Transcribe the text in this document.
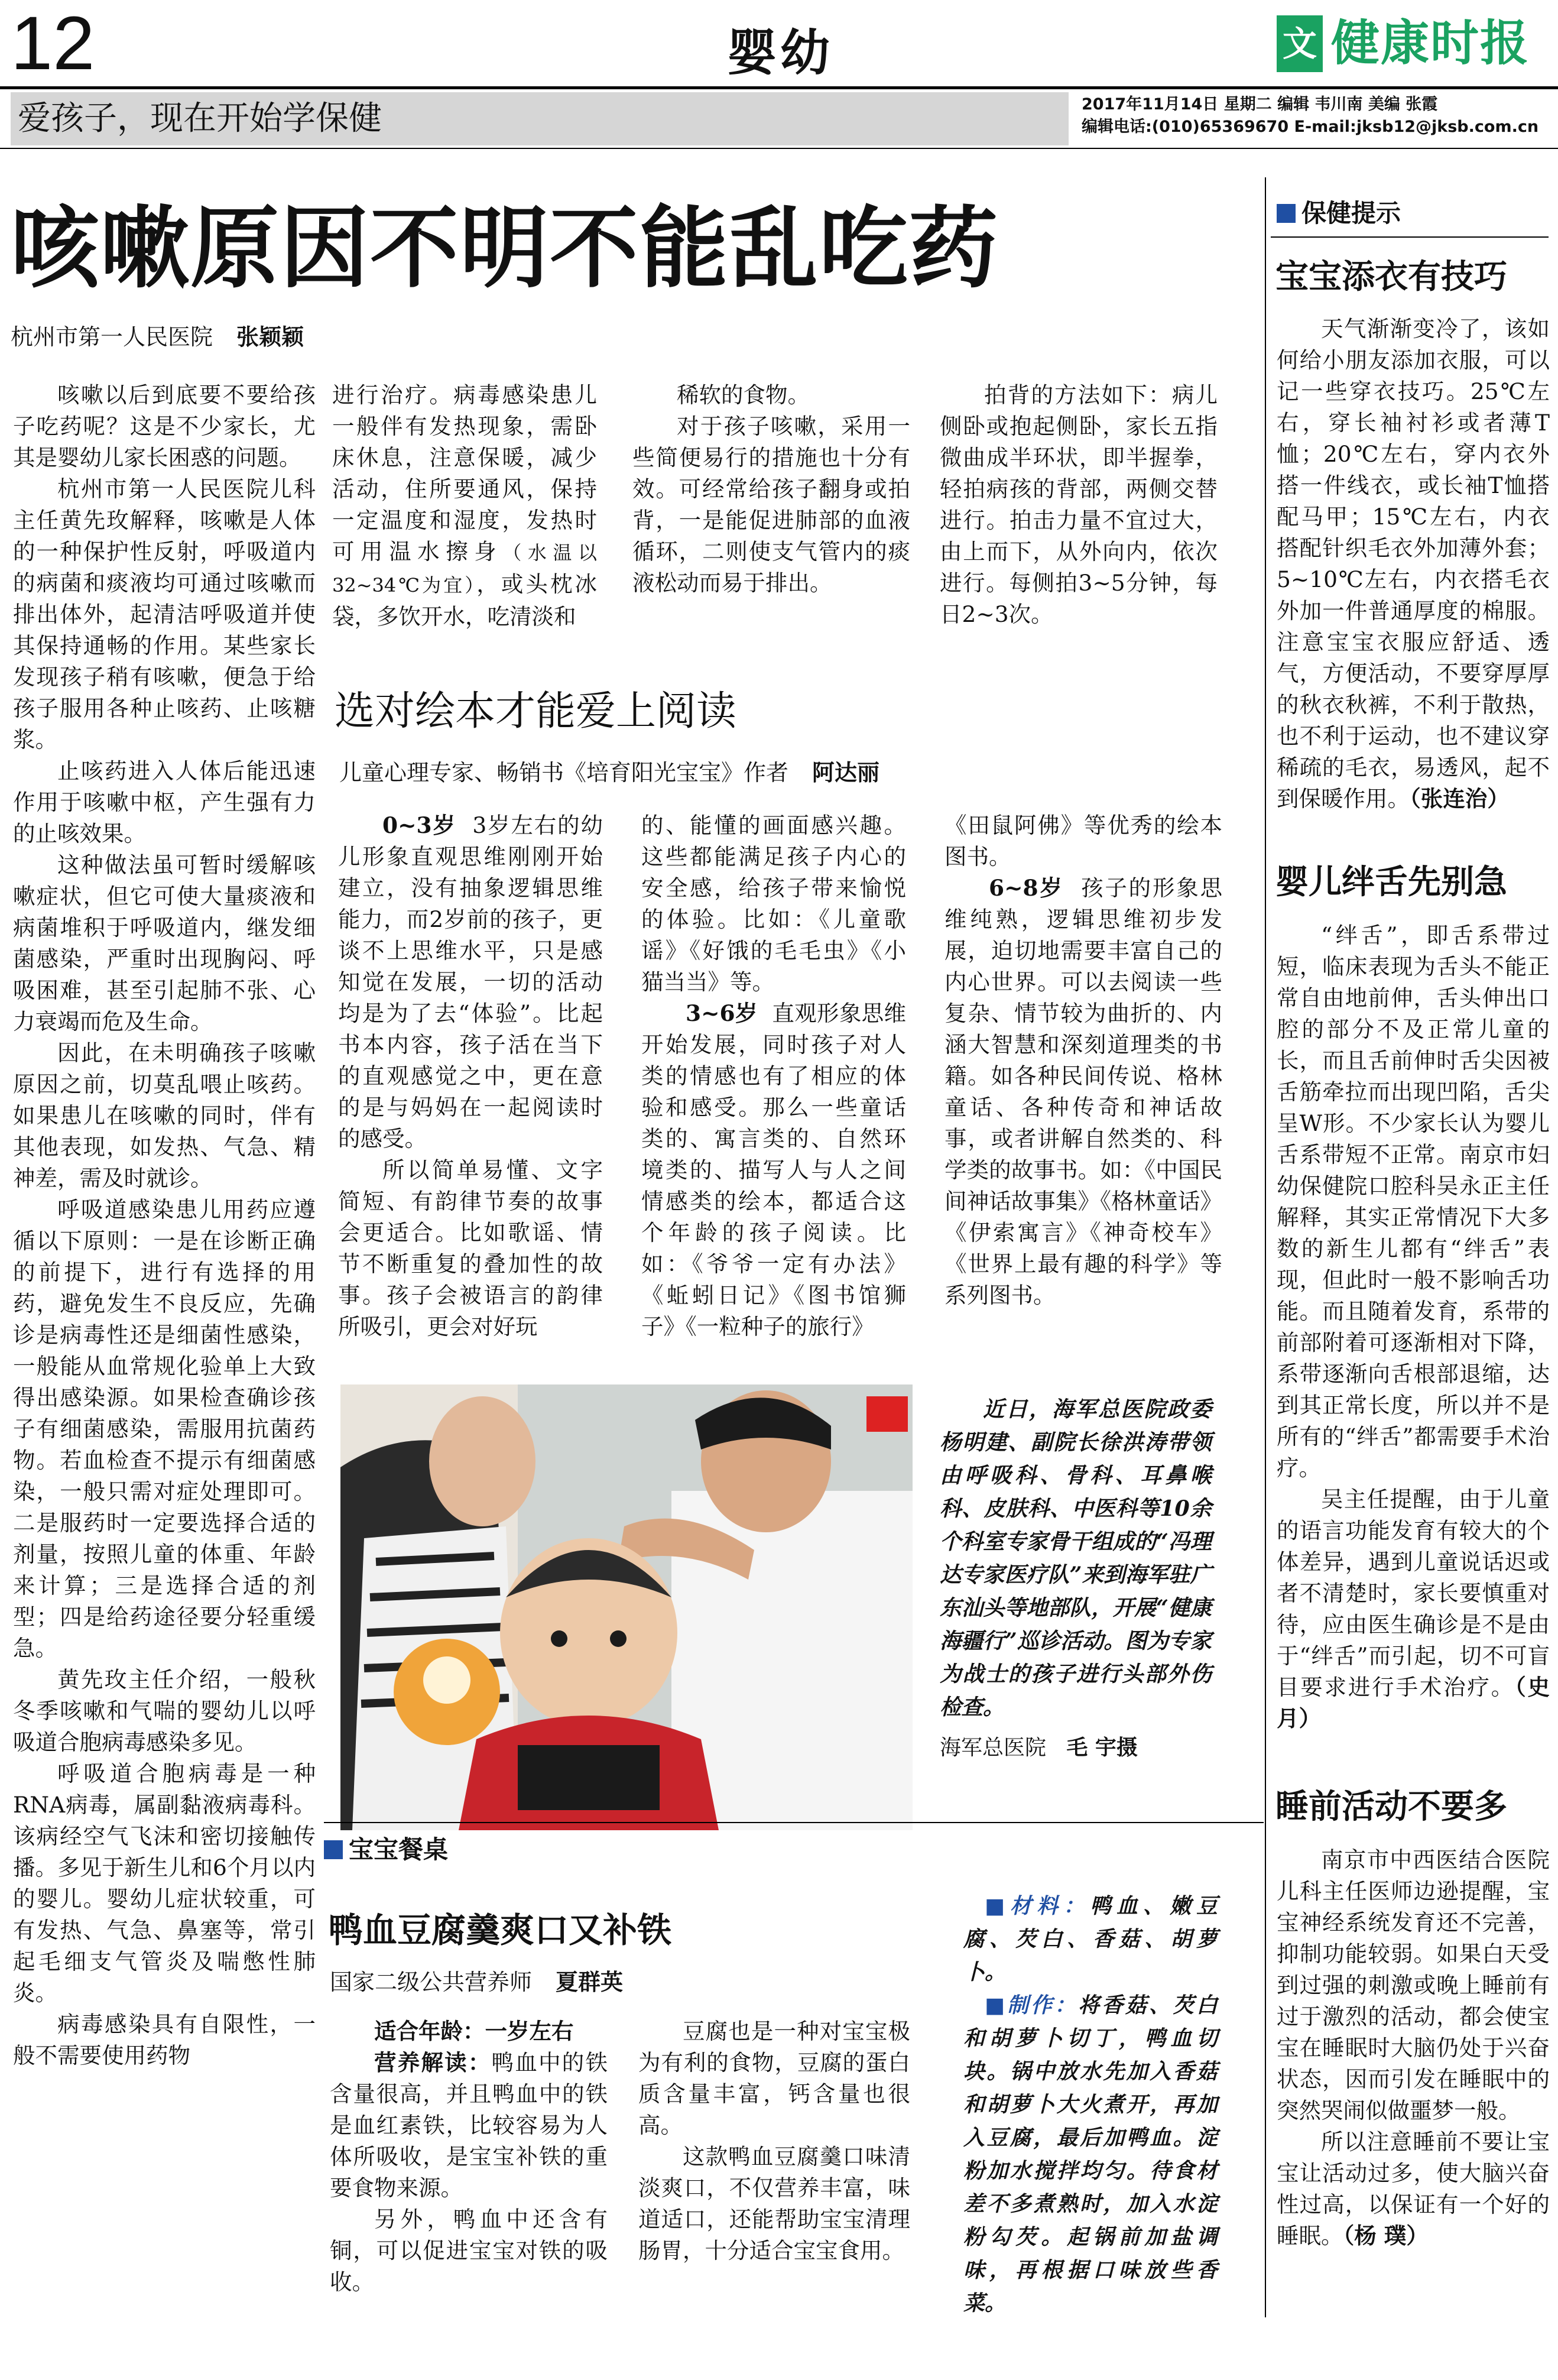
12	婴幼	文 健康时报
爱孩子，现在开始学保健	2017年11月14日 星期二 编辑 韦川南 美编 张霞
编辑电话:(010)65369670 E-mail:jksb12@jksb.com.cn
咳嗽原因不明不能乱吃药
杭州市第一人民医院 张颖颖

咳嗽以后到底要不要给孩子吃药呢？这是不少家长，尤其是婴幼儿家长困惑的问题。

杭州市第一人民医院儿科主任黄先玫解释，咳嗽是人体的一种保护性反射，呼吸道内的病菌和痰液均可通过咳嗽而排出体外，起清洁呼吸道并使其保持通畅的作用。某些家长发现孩子稍有咳嗽，便急于给孩子服用各种止咳药、止咳糖浆。

止咳药进入人体后能迅速作用于咳嗽中枢，产生强有力的止咳效果。

这种做法虽可暂时缓解咳嗽症状，但它可使大量痰液和病菌堆积于呼吸道内，继发细菌感染，严重时出现胸闷、呼吸困难，甚至引起肺不张、心力衰竭而危及生命。

因此，在未明确孩子咳嗽原因之前，切莫乱喂止咳药。如果患儿在咳嗽的同时，伴有其他表现，如发热、气急、精神差，需及时就诊。

呼吸道感染患儿用药应遵循以下原则：一是在诊断正确的前提下，进行有选择的用药，避免发生不良反应，先确诊是病毒性还是细菌性感染，一般能从血常规化验单上大致得出感染源。如果检查确诊孩子有细菌感染，需服用抗菌药物。若血检查不提示有细菌感染，一般只需对症处理即可。二是服药时一定要选择合适的剂量，按照儿童的体重、年龄来计算；三是选择合适的剂型；四是给药途径要分轻重缓急。

黄先玫主任介绍，一般秋冬季咳嗽和气喘的婴幼儿以呼吸道合胞病毒感染多见。

呼吸道合胞病毒是一种RNA病毒，属副黏液病毒科。该病经空气飞沫和密切接触传播。多见于新生儿和6个月以内的婴儿。婴幼儿症状较重，可有发热、气急、鼻塞等，常引起毛细支气管炎及喘憋性肺炎。

病毒感染具有自限性，一般不需要使用药物

进行治疗。病毒感染患儿一般伴有发热现象，需卧床休息，注意保暖，减少活动，住所要通风，保持一定温度和湿度，发热时可用温水擦身（水温以32~34℃为宜），或头枕冰袋，多饮开水，吃清淡和

稀软的食物。

对于孩子咳嗽，采用一些简便易行的措施也十分有效。可经常给孩子翻身或拍背，一是能促进肺部的血液循环，二则使支气管内的痰液松动而易于排出。

拍背的方法如下：病儿侧卧或抱起侧卧，家长五指微曲成半环状，即半握拳，轻拍病孩的背部，两侧交替进行。拍击力量不宜过大，由上而下，从外向内，依次进行。每侧拍3~5分钟，每日2~3次。

选对绘本才能爱上阅读
儿童心理专家、畅销书《培育阳光宝宝》作者 阿达丽

0~3岁 3岁左右的幼儿形象直观思维刚刚开始建立，没有抽象逻辑思维能力，而2岁前的孩子，更谈不上思维水平，只是感知觉在发展，一切的活动均是为了去“体验”。比起书本内容，孩子活在当下的直观感觉之中，更在意的是与妈妈在一起阅读时的感受。

所以简单易懂、文字简短、有韵律节奏的故事会更适合。比如歌谣、情节不断重复的叠加性的故事。孩子会被语言的韵律所吸引，更会对好玩

的、能懂的画面感兴趣。这些都能满足孩子内心的安全感，给孩子带来愉悦的体验。比如：《儿童歌谣》《好饿的毛毛虫》《小猫当当》等。

3~6岁 直观形象思维开始发展，同时孩子对人类的情感也有了相应的体验和感受。那么一些童话类的、寓言类的、自然环境类的、描写人与人之间情感类的绘本，都适合这个年龄的孩子阅读。比如：《爷爷一定有办法》《蚯蚓日记》《图书馆狮子》《一粒种子的旅行》

《田鼠阿佛》等优秀的绘本图书。

6~8岁 孩子的形象思维纯熟，逻辑思维初步发展，迫切地需要丰富自己的内心世界。可以去阅读一些复杂、情节较为曲折的、内涵大智慧和深刻道理类的书籍。如各种民间传说、格林童话、各种传奇和神话故事，或者讲解自然类的、科学类的故事书。如：《中国民间神话故事集》《格林童话》《伊索寓言》《神奇校车》《世界上最有趣的科学》等系列图书。

近日，海军总医院政委杨明建、副院长徐洪涛带领由呼吸科、骨科、耳鼻喉科、皮肤科、中医科等10余个科室专家骨干组成的“冯理达专家医疗队”来到海军驻广东汕头等地部队，开展“健康海疆行”巡诊活动。图为专家为战士的孩子进行头部外伤检查。
海军总医院 毛 宇摄
宝宝餐桌
鸭血豆腐羹爽口又补铁
国家二级公共营养师 夏群英

适合年龄：一岁左右

营养解读：鸭血中的铁含量很高，并且鸭血中的铁是血红素铁，比较容易为人体所吸收，是宝宝补铁的重要食物来源。

另外，鸭血中还含有铜，可以促进宝宝对铁的吸收。

豆腐也是一种对宝宝极为有利的食物，豆腐的蛋白质含量丰富，钙含量也很高。

这款鸭血豆腐羹口味清淡爽口，不仅营养丰富，味道适口，还能帮助宝宝清理肠胃，十分适合宝宝食用。

■材料：鸭血、嫩豆腐、芡白、香菇、胡萝卜。

■制作：将香菇、芡白和胡萝卜切丁，鸭血切块。锅中放水先加入香菇和胡萝卜大火煮开，再加入豆腐，最后加鸭血。淀粉加水搅拌均匀。待食材差不多煮熟时，加入水淀粉勾芡。起锅前加盐调味，再根据口味放些香菜。

保健提示
宝宝添衣有技巧

天气渐渐变冷了，该如何给小朋友添加衣服，可以记一些穿衣技巧。25℃左右，穿长袖衬衫或者薄T恤；20℃左右，穿内衣外搭一件线衣，或长袖T恤搭配马甲；15℃左右，内衣搭配针织毛衣外加薄外套；5~10℃左右，内衣搭毛衣外加一件普通厚度的棉服。注意宝宝衣服应舒适、透气，方便活动，不要穿厚厚的秋衣秋裤，不利于散热，也不利于运动，也不建议穿稀疏的毛衣，易透风，起不到保暖作用。（张连治）

婴儿绊舌先别急

“绊舌”，即舌系带过短，临床表现为舌头不能正常自由地前伸，舌头伸出口腔的部分不及正常儿童的长，而且舌前伸时舌尖因被舌筋牵拉而出现凹陷，舌尖呈W形。不少家长认为婴儿舌系带短不正常。南京市妇幼保健院口腔科吴永正主任解释，其实正常情况下大多数的新生儿都有“绊舌”表现，但此时一般不影响舌功能。而且随着发育，系带的前部附着可逐渐相对下降，系带逐渐向舌根部退缩，达到其正常长度，所以并不是所有的“绊舌”都需要手术治疗。

吴主任提醒，由于儿童的语言功能发育有较大的个体差异，遇到儿童说话迟或者不清楚时，家长要慎重对待，应由医生确诊是不是由于“绊舌”而引起，切不可盲目要求进行手术治疗。（史 月）

睡前活动不要多

南京市中西医结合医院儿科主任医师边逊提醒，宝宝神经系统发育还不完善，抑制功能较弱。如果白天受到过强的刺激或晚上睡前有过于激烈的活动，都会使宝宝在睡眠时大脑仍处于兴奋状态，因而引发在睡眠中的突然哭闹似做噩梦一般。

所以注意睡前不要让宝宝让活动过多，使大脑兴奋性过高，以保证有一个好的睡眠。（杨 璞）
